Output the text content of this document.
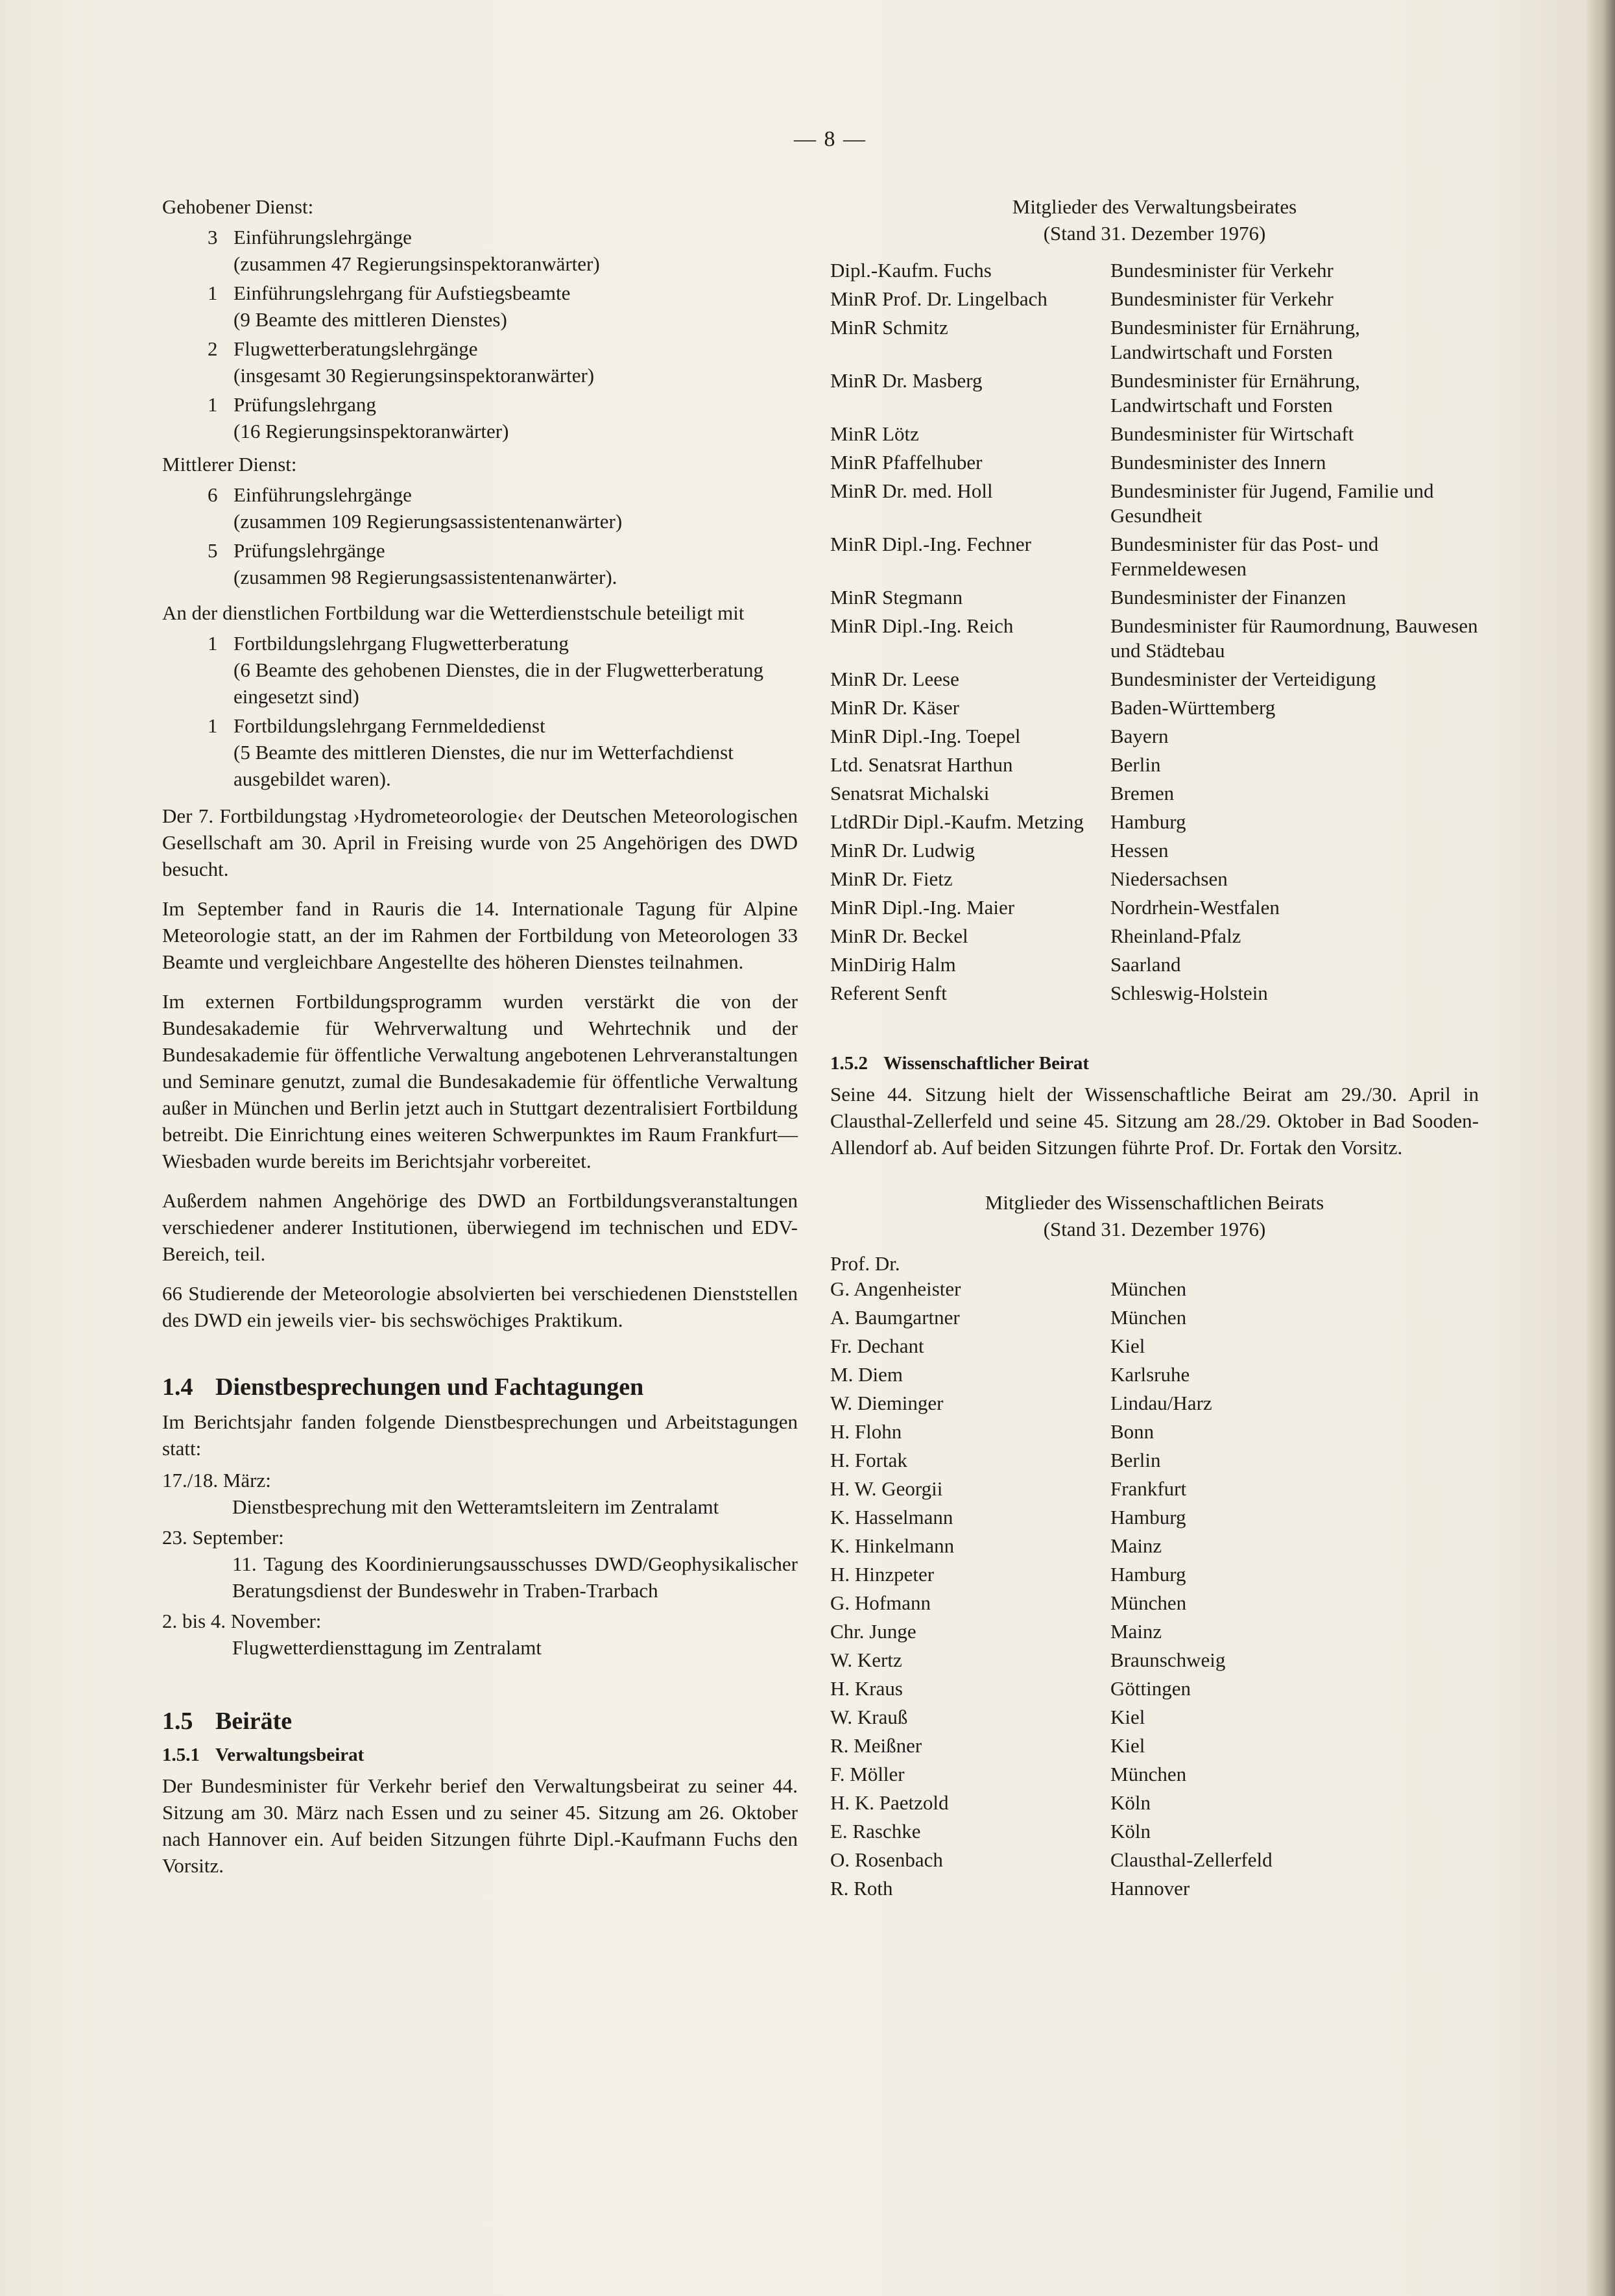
— 8 —
Gehobener Dienst:
3 Einführungslehrgänge
(zusammen 47 Regierungsinspektoranwärter)
1 Einführungslehrgang für Aufstiegsbeamte
(9 Beamte des mittleren Dienstes)
2 Flugwetterberatungslehrgänge
(insgesamt 30 Regierungsinspektoranwärter)
1 Prüfungslehrgang
(16 Regierungsinspektoranwärter)
Mittlerer Dienst:
6 Einführungslehrgänge
(zusammen 109 Regierungsassistentenanwärter)
5 Prüfungslehrgänge
(zusammen 98 Regierungsassistentenanwärter).

An der dienstlichen Fortbildung war die Wetterdienstschule beteiligt mit

1 Fortbildungslehrgang Flugwetterberatung
(6 Beamte des gehobenen Dienstes, die in der Flugwetterberatung eingesetzt sind)
1 Fortbildungslehrgang Fernmeldedienst
(5 Beamte des mittleren Dienstes, die nur im Wetterfachdienst ausgebildet waren).

Der 7. Fortbildungstag ›Hydrometeorologie‹ der Deutschen Meteorologischen Gesellschaft am 30. April in Freising wurde von 25 Angehörigen des DWD besucht.

Im September fand in Rauris die 14. Internationale Tagung für Alpine Meteorologie statt, an der im Rahmen der Fortbildung von Meteorologen 33 Beamte und vergleichbare Angestellte des höheren Dienstes teilnahmen.

Im externen Fortbildungsprogramm wurden verstärkt die von der Bundesakademie für Wehrverwaltung und Wehrtechnik und der Bundesakademie für öffentliche Verwaltung angebotenen Lehrveranstaltungen und Seminare genutzt, zumal die Bundesakademie für öffentliche Verwaltung außer in München und Berlin jetzt auch in Stuttgart dezentralisiert Fortbildung betreibt. Die Einrichtung eines weiteren Schwerpunktes im Raum Frankfurt—Wiesbaden wurde bereits im Berichtsjahr vorbereitet.

Außerdem nahmen Angehörige des DWD an Fortbildungsveranstaltungen verschiedener anderer Institutionen, überwiegend im technischen und EDV-Bereich, teil.

66 Studierende der Meteorologie absolvierten bei verschiedenen Dienststellen des DWD ein jeweils vier- bis sechswöchiges Praktikum.

1.4 Dienstbesprechungen und Fachtagungen

Im Berichtsjahr fanden folgende Dienstbesprechungen und Arbeitstagungen statt:

17./18. März:
Dienstbesprechung mit den Wetteramtsleitern im Zentralamt
23. September:
11. Tagung des Koordinierungsausschusses DWD/Geophysikalischer Beratungsdienst der Bundeswehr in Traben-Trarbach
2. bis 4. November:
Flugwetterdiensttagung im Zentralamt
1.5 Beiräte
1.5.1 Verwaltungsbeirat

Der Bundesminister für Verkehr berief den Verwaltungsbeirat zu seiner 44. Sitzung am 30. März nach Essen und zu seiner 45. Sitzung am 26. Oktober nach Hannover ein. Auf beiden Sitzungen führte Dipl.-Kaufmann Fuchs den Vorsitz.

Mitglieder des Verwaltungsbeirates
(Stand 31. Dezember 1976)
Dipl.-Kaufm. Fuchs	Bundesminister für Verkehr
MinR Prof. Dr. Lingelbach	Bundesminister für Verkehr
MinR Schmitz	Bundesminister für Ernährung, Landwirtschaft und Forsten
MinR Dr. Masberg	Bundesminister für Ernährung, Landwirtschaft und Forsten
MinR Lötz	Bundesminister für Wirtschaft
MinR Pfaffelhuber	Bundesminister des Innern
MinR Dr. med. Holl	Bundesminister für Jugend, Familie und Gesundheit
MinR Dipl.-Ing. Fechner	Bundesminister für das Post- und Fernmeldewesen
MinR Stegmann	Bundesminister der Finanzen
MinR Dipl.-Ing. Reich	Bundesminister für Raumordnung, Bauwesen und Städtebau
MinR Dr. Leese	Bundesminister der Verteidigung
MinR Dr. Käser	Baden-Württemberg
MinR Dipl.-Ing. Toepel	Bayern
Ltd. Senatsrat Harthun	Berlin
Senatsrat Michalski	Bremen
LtdRDir Dipl.-Kaufm. Metzing	Hamburg
MinR Dr. Ludwig	Hessen
MinR Dr. Fietz	Niedersachsen
MinR Dipl.-Ing. Maier	Nordrhein-Westfalen
MinR Dr. Beckel	Rheinland-Pfalz
MinDirig Halm	Saarland
Referent Senft	Schleswig-Holstein
1.5.2 Wissenschaftlicher Beirat

Seine 44. Sitzung hielt der Wissenschaftliche Beirat am 29./30. April in Clausthal-Zellerfeld und seine 45. Sitzung am 28./29. Oktober in Bad Sooden-Allendorf ab. Auf beiden Sitzungen führte Prof. Dr. Fortak den Vorsitz.

Mitglieder des Wissenschaftlichen Beirats
(Stand 31. Dezember 1976)
Prof. Dr.
G. Angenheister	München
A. Baumgartner	München
Fr. Dechant	Kiel
M. Diem	Karlsruhe
W. Dieminger	Lindau/Harz
H. Flohn	Bonn
H. Fortak	Berlin
H. W. Georgii	Frankfurt
K. Hasselmann	Hamburg
K. Hinkelmann	Mainz
H. Hinzpeter	Hamburg
G. Hofmann	München
Chr. Junge	Mainz
W. Kertz	Braunschweig
H. Kraus	Göttingen
W. Krauß	Kiel
R. Meißner	Kiel
F. Möller	München
H. K. Paetzold	Köln
E. Raschke	Köln
O. Rosenbach	Clausthal-Zellerfeld
R. Roth	Hannover
